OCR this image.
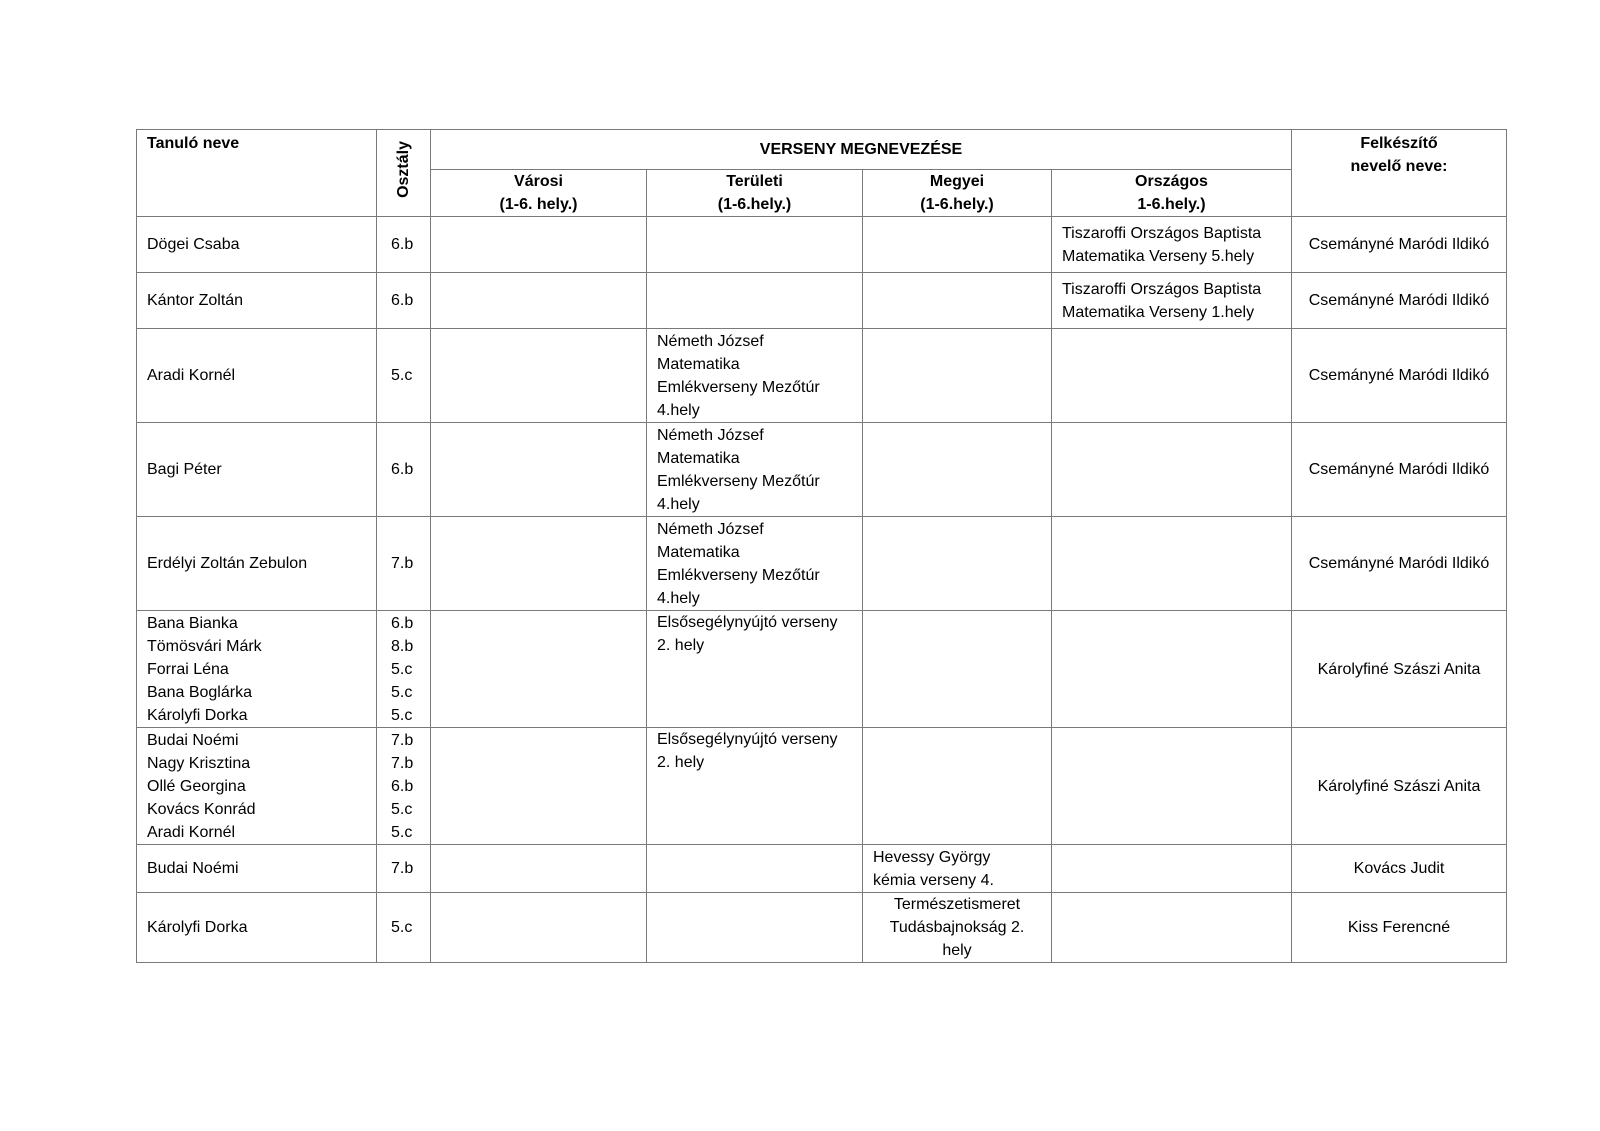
Tanuló neve	Osztály	VERSENY MEGNEVEZÉSE				Felkészítő
nevelő neve:
		Városi
(1-6. hely.)	Területi
(1-6.hely.)	Megyei
(1-6.hely.)	Országos
1-6.hely.)	
Dögei Csaba	6.b				Tiszaroffi Országos Baptista Matematika Verseny 5.hely	Csemányné Maródi Ildikó
Kántor Zoltán	6.b				Tiszaroffi Országos Baptista Matematika Verseny 1.hely	Csemányné Maródi Ildikó
Aradi Kornél	5.c		Németh József
Matematika
Emlékverseny Mezőtúr
4.hely			Csemányné Maródi Ildikó
Bagi Péter	6.b		Németh József
Matematika
Emlékverseny Mezőtúr
4.hely			Csemányné Maródi Ildikó
Erdélyi Zoltán Zebulon	7.b		Németh József
Matematika
Emlékverseny Mezőtúr
4.hely			Csemányné Maródi Ildikó
Bana Bianka
Tömösvári Márk
Forrai Léna
Bana Boglárka
Károlyfi Dorka	6.b
8.b
5.c
5.c
5.c		Elsősegélynyújtó verseny
2. hely			Károlyfiné Szászi Anita
Budai Noémi
Nagy Krisztina
Ollé Georgina
Kovács Konrád
Aradi Kornél	7.b
7.b
6.b
5.c
5.c		Elsősegélynyújtó verseny
2. hely			Károlyfiné Szászi Anita
Budai Noémi	7.b			Hevessy György
kémia verseny 4.		Kovács Judit
Károlyfi Dorka	5.c			Természetismeret
Tudásbajnokság 2.
hely		Kiss Ferencné
